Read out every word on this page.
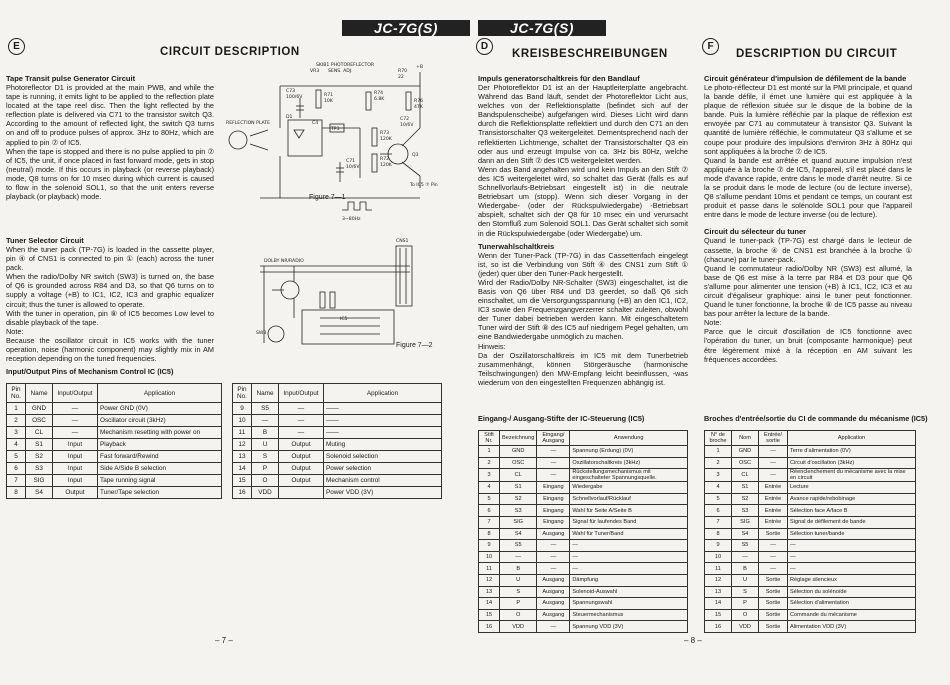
JC-7G(S)	JC-7G(S)
E	CIRCUIT DESCRIPTION
Tape Transit pulse Generator Circuit

Photoreflector D1 is provided at the main PWB, and while the tape is running, it emits light to be applied to the reflection plate located at the tape reel disc. Then the light reflected by the reflection plate is delivered via C71 to the transistor switch Q3. According to the amount of reflected light, the switch Q3 turns on and off to produce pulses of approx. 3Hz to 80Hz, which are applied to pin ⑦ of IC5.

When the tape is stopped and there is no pulse applied to pin ⑦ of IC5, the unit, if once placed in fast forward mode, gets in stop (neutral) mode. If this occurs in playback (or reverse playback) mode, Q8 turns on for 10 msec during which current is caused to flow in the solenoid SOL1, so that the unit enters reverse playback (or playback) mode.

Tuner Selector Circuit

When the tuner pack (TP-7G) is loaded in the cassette player, pin ④ of CNS1 is connected to pin ① (each) across the tuner pack.

When the radio/Dolby NR switch (SW3) is turned on, the base of Q6 is grounded across R84 and D3, so that Q6 turns on to supply a voltage (+B) to IC1, IC2, IC3 and graphic equalizer circuit; thus the tuner is allowed to operate.

With the tuner in operation, pin ⑧ of IC5 becomes Low level to disable playback of the tape.

Note:

Because the oscillator circuit in IC5 works with the tuner operation, noise (harmonic component) may slightly mix in AM reception depending on the tuned frequencies.

SKIB1 PHOTOREFLECTOR
VR3 SENS. ADJ.
+B
R70
22
C73
100/6V	R71
10K
R74
6.8K	R76
47K
C72
10/6V
D1
TP3
R73
120K
C71
10/6V
R72
120K
Q3
REFLECTION PLATE
3~80Hz
To IC5 ⑦ Pin
C4
DOLBY NR/RADIO
CNS1
IC5
SW3
Figure 7—1
Figure 7—2
Input/Output Pins of Mechanism Control IC (IC5)
Pin No.	Name	Input/Output	Application
1	GND	—	Power GND (0V)
2	OSC	—	Oscillator circuit (3kHz)
3	CL	—	Mechanism resetting with power on
4	S1	Input	Playback
5	S2	Input	Fast forward/Rewind
6	S3	Input	Side A/Side B selection
7	SIG	Input	Tape running signal
8	S4	Output	Tuner/Tape selection
Pin No.	Name	Input/Output	Application
9	S5	—	——
10	—	—	——
11	B	—	——
12	U	Output	Muting
13	S	Output	Solenoid selection
14	P	Output	Power selection
15	O	Output	Mechanism control
16	VDD		Power VDD (3V)
– 7 –
D
KREISBESCHREIBUNGEN
Impuls generatorschaltkreis für den Bandlauf

Der Photoreflektor D1 ist an der Hauptleiterplatte angebracht. Während das Band läuft, sendet der Photoreflektor Licht aus, welches von der Reflektionsplatte (befindet sich auf der Bandspulenscheibe) aufgefangen wird. Dieses Licht wird dann durch die Reflektionsplatte reflektiert und durch den C71 an den Transistorschalter Q3 weitergeleitet. Dementsprechend nach der reflektierten Lichtmenge, schaltet der Transistorschalter Q3 ein oder aus und erzeugt Impulse von ca. 3Hz bis 80Hz, welche dann an den Stift ⑦ des IC5 weitergeleitet werden.

Wenn das Band angehalten wird und kein Impuls an den Stift ⑦ des IC5 weitergeleitet wird, so schaltet das Gerät (falls es auf Schnellvorlaufs-Betriebsart eingestellt ist) in die neutrale Betriebsart um (stopp). Wenn sich dieser Vorgang in der Wiedergabe- (oder der Rückspulwiedergabe) -Betriebsart abspielt, schaltet sich der Q8 für 10 msec ein und verursacht den Stomfluß zum Solenoid SOL1. Das Gerät schaltet sich somit in die Rückspulwiedergabe (oder Wiedergabe) um.

Tunerwahlschaltkreis

Wenn der Tuner-Pack (TP-7G) in das Cassettenfach eingelegt ist, so ist die Verbindung von Stift ④ des CNS1 zum Stift ① (jeder) quer über den Tuner-Pack hergestellt.

Wird der Radio/Dolby NR-Schalter (SW3) eingeschaltet, ist die Basis von Q6 über R84 und D3 geerdet, so daß Q6 sich einschaltet, um die Versorgungsspannung (+B) an den IC1, IC2, IC3 sowie den Frequenzgangverzerrer schalter zuleiten, obwohl der Tuner dabei betrieben werden kann. Mit eingeschaltetem Tuner wird der Stift ⑧ des IC5 auf niedrigem Pegel gehalten, um eine Bandwiedergabe unmöglich zu machen.

Hinweis:

Da der Oszillatorschaltkreis im IC5 mit dem Tunerbetrieb zusammenhängt, können Störgeräusche (harmonische Teilschwingungen) den MW-Empfang leicht beeinflussen, -was wiederum von den eingestellten Frequenzen abhängig ist.

Eingang-/ Ausgang-Stifte der IC-Steuerung (IC5)
Stift Nr.	Bezeichnung	Eingang/ Ausgang	Anwendung
1	GND	—	Spannung (Erdung) (0V)
2	OSC	—	Oszillatorschaltkreis (3kHz)
3	CL	—	Rückstellungsmechanismus mit eingeschalteter Spannungsquelle.
4	S1	Eingang	Wiedergabe
5	S2	Eingang	Schnellvorlauf/Rücklauf
6	S3	Eingang	Wahl für Seite A/Seite B
7	SIG	Eingang	Signal für laufendes Band
8	S4	Ausgang	Wahl für Tuner/Band
9	S5	—	—
10	—	—	—
11	B	—	—
12	U	Ausgang	Dämpfung
13	S	Ausgang	Solenoid-Auswahl
14	P	Ausgang	Spannungswahl
15	O	Ausgang	Steuermechanismus
16	VDD	—	Spannung VDD (3V)
– 8 –
F
DESCRIPTION DU CIRCUIT
Circuit générateur d'impulsion de défilement de la bande

Le photo-réflecteur D1 est monté sur la PMI principale, et quand la bande défile, il émet une lumière qui est appliquée à la plaque de réflexion située sur le disque de la bobine de la bande. Puis la lumière réfléchie par la plaque de réflexion est envoyée par C71 au commutateur à transistor Q3. Suivant la quantité de lumière réfléchie, le commutateur Q3 s'allume et se coupe pour produire des impulsions d'environ 3Hz à 80Hz qui sont appliquées à la broche ⑦ de IC5.

Quand la bande est arrêtée et quand aucune impulsion n'est appliquée à la broche ⑦ de IC5, l'appareil, s'il est placé dans le mode d'avance rapide, entre dans le mode d'arrêt neutre. Si ce la se produit dans le mode de lecture (ou de lecture inverse), Q8 s'allume pendant 10ms et pendant ce temps, un courant est produit et passe dans le solénoïde SOL1 pour que l'appareil entre dans le mode de lecture inverse (ou de lecture).

Circuit du sélecteur du tuner

Quand le tuner-pack (TP-7G) est chargé dans le lecteur de cassette, la broche ④ de CNS1 est branchée à la broche ① (chacune) par le tuner-pack.

Quand le commutateur radio/Dolby NR (SW3) est allumé, la base de Q6 est mise à la terre par R84 et D3 pour que Q6 s'allume pour alimenter une tension (+B) à IC1, IC2, IC3 et au circuit d'égaliseur graphique: ainsi le tuner peut fonctionner. Quand le tuner fonctionne, la broche ⑧ de IC5 passe au niveau bas pour arrêter la lecture de la bande.

Note:

Parce que le circuit d'oscillation de IC5 fonctionne avec l'opération du tuner, un bruit (composante harmonique) peut être légèrement mixé à la réception en AM suivant les fréquences accordées.

Broches d'entrée/sortie du CI de commande du mécanisme (IC5)
N° de broche	Nom	Entrée/ sortie	Application
1	GND	—	Terre d'alimentation (0V)
2	OSC	—	Circuit d'oscillation (3kHz)
3	CL	—	Réenclenchement du mécanisme avec la mise en circuit
4	S1	Entrée	Lecture
5	S2	Entrée	Avance rapide/rebobinage
6	S3	Entrée	Sélection face A/face B
7	SIG	Entrée	Signal de défilement de bande
8	S4	Sortie	Sélection tuner/bande
9	S5	—	—
10	—	—	—
11	B	—	—
12	U	Sortie	Réglage silencieux
13	S	Sortie	Sélection du solénoïde
14	P	Sortie	Sélection d'alimentation
15	O	Sortie	Commande du mécanisme
16	VDD	Sortie	Alimentation VDD (3V)
